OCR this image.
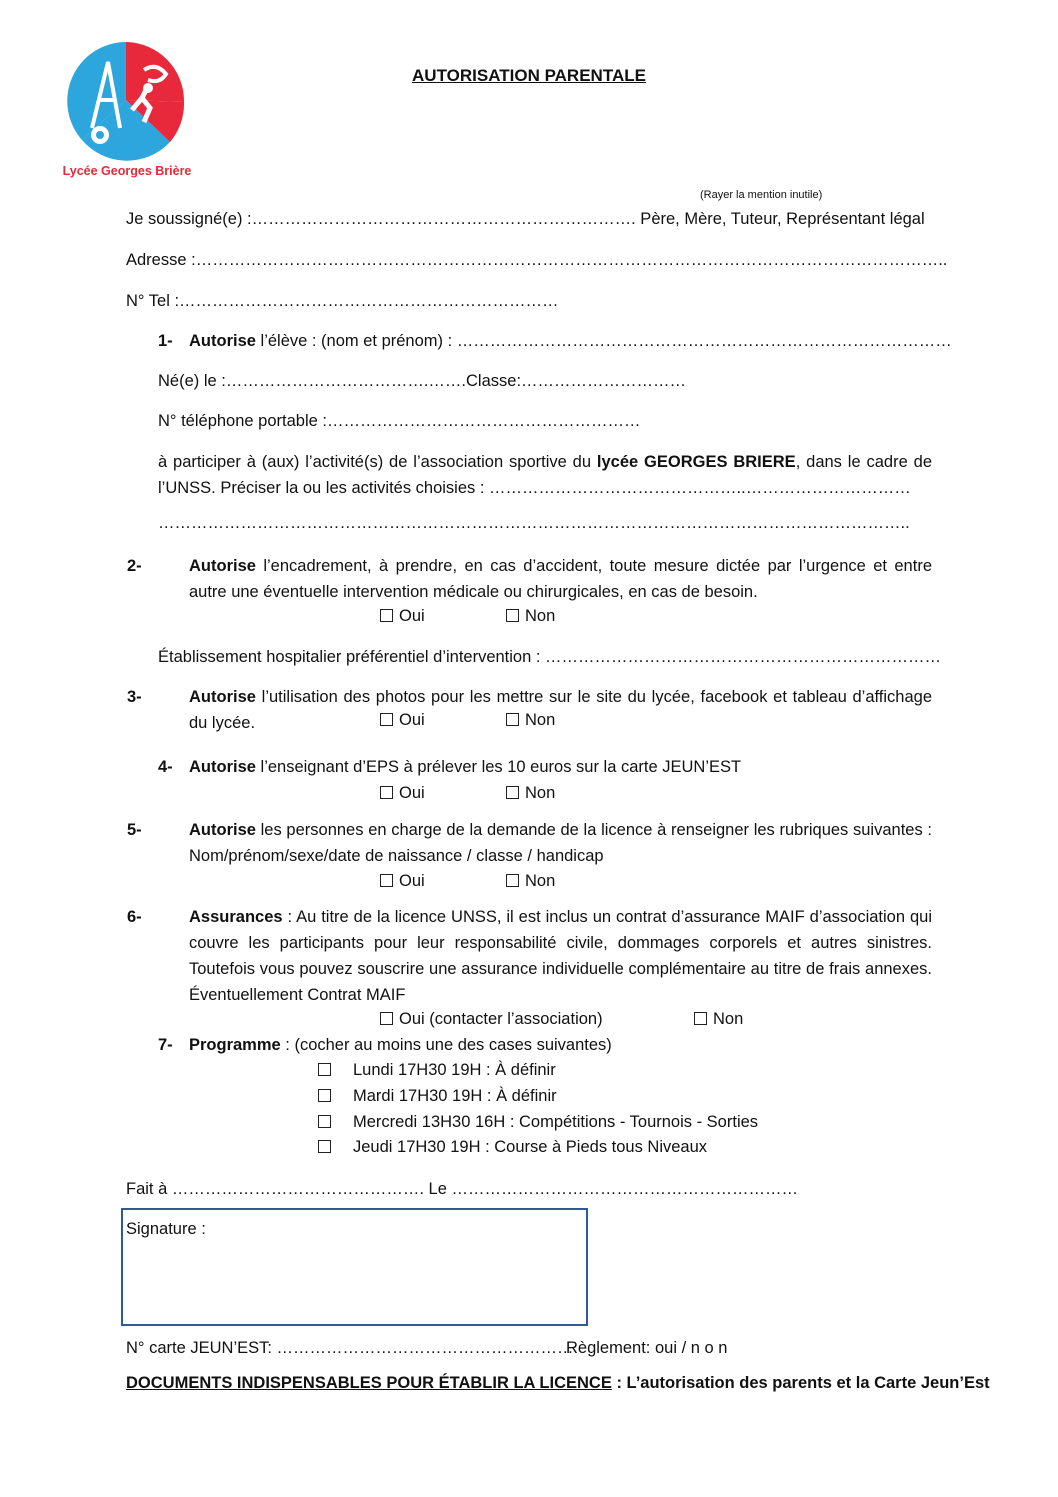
Lycée Georges Brière
AUTORISATION PARENTALE
(Rayer la mention inutile)
Je soussigné(e) :……………………………………………………………. Père, Mère, Tuteur, Représentant légal
Adresse :………………………………………………………………………………………………………………………..
N° Tel :……………………………………………………………
1- Autorise l’élève : (nom et prénom) : ………………………………………………………………………………
Né(e) le :……………………………….…….Classe:…………………………
N° téléphone portable :…………………………………………………
à participer à (aux) l’activité(s) de l’association sportive du lycée GEORGES BRIERE, dans le cadre de l’UNSS. Préciser la ou les activités choisies : ………………………………………..…………………………
………………………………………………………………………………………………………………………..
2-	Autorise l’encadrement, à prendre, en cas d’accident, toute mesure dictée par l’urgence et entre autre une éventuelle intervention médicale ou chirurgicales, en cas de besoin.
Oui	Non
Établissement hospitalier préférentiel d’intervention : ………………………………………………………………
3-	Autorise l’utilisation des photos pour les mettre sur le site du lycée, facebook et tableau d’affichage du lycée.	Oui	Non
4- Autorise l’enseignant d’EPS à prélever les 10 euros sur la carte JEUN’EST
Oui	Non
5-	Autorise les personnes en charge de la demande de la licence à renseigner les rubriques suivantes : Nom/prénom/sexe/date de naissance / classe / handicap
Oui	Non
6-	Assurances : Au titre de la licence UNSS, il est inclus un contrat d’assurance MAIF d’association qui couvre les participants pour leur responsabilité civile, dommages corporels et autres sinistres. Toutefois vous pouvez souscrire une assurance individuelle complémentaire au titre de frais annexes. Éventuellement Contrat MAIF
Oui (contacter l’association)	Non
7- Programme : (cocher au moins une des cases suivantes)
Lundi 17H30 19H : À définir
Mardi 17H30 19H : À définir
Mercredi 13H30 16H : Compétitions - Tournois - Sorties
Jeudi 17H30 19H : Course à Pieds tous Niveaux
Fait à ………………………………………. Le ………………………………………………………
Signature :
N° carte JEUN’EST: ………………………………………………
Règlement: oui / n o n
DOCUMENTS INDISPENSABLES POUR ÉTABLIR LA LICENCE : L’autorisation des parents et la Carte Jeun’Est
